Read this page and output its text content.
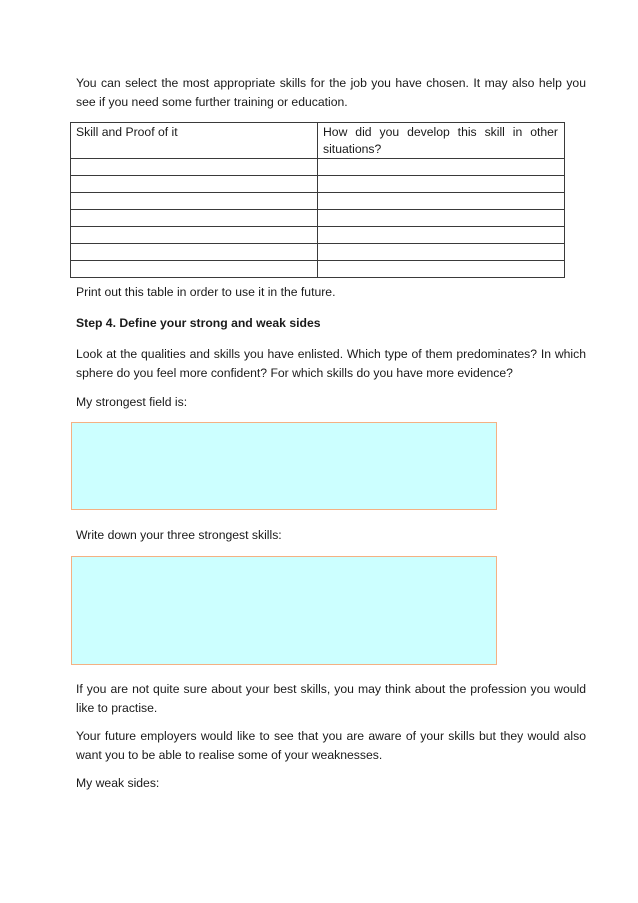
You can select the most appropriate skills for the job you have chosen. It may also help you see if you need some further training or education.

Skill and Proof of it	How did you develop this skill in other situations?

Print out this table in order to use it in the future.

Step 4. Define your strong and weak sides

Look at the qualities and skills you have enlisted. Which type of them predominates? In which sphere do you feel more confident? For which skills do you have more evidence?

My strongest field is:

Write down your three strongest skills:

If you are not quite sure about your best skills, you may think about the profession you would like to practise.

Your future employers would like to see that you are aware of your skills but they would also want you to be able to realise some of your weaknesses.

My weak sides:
